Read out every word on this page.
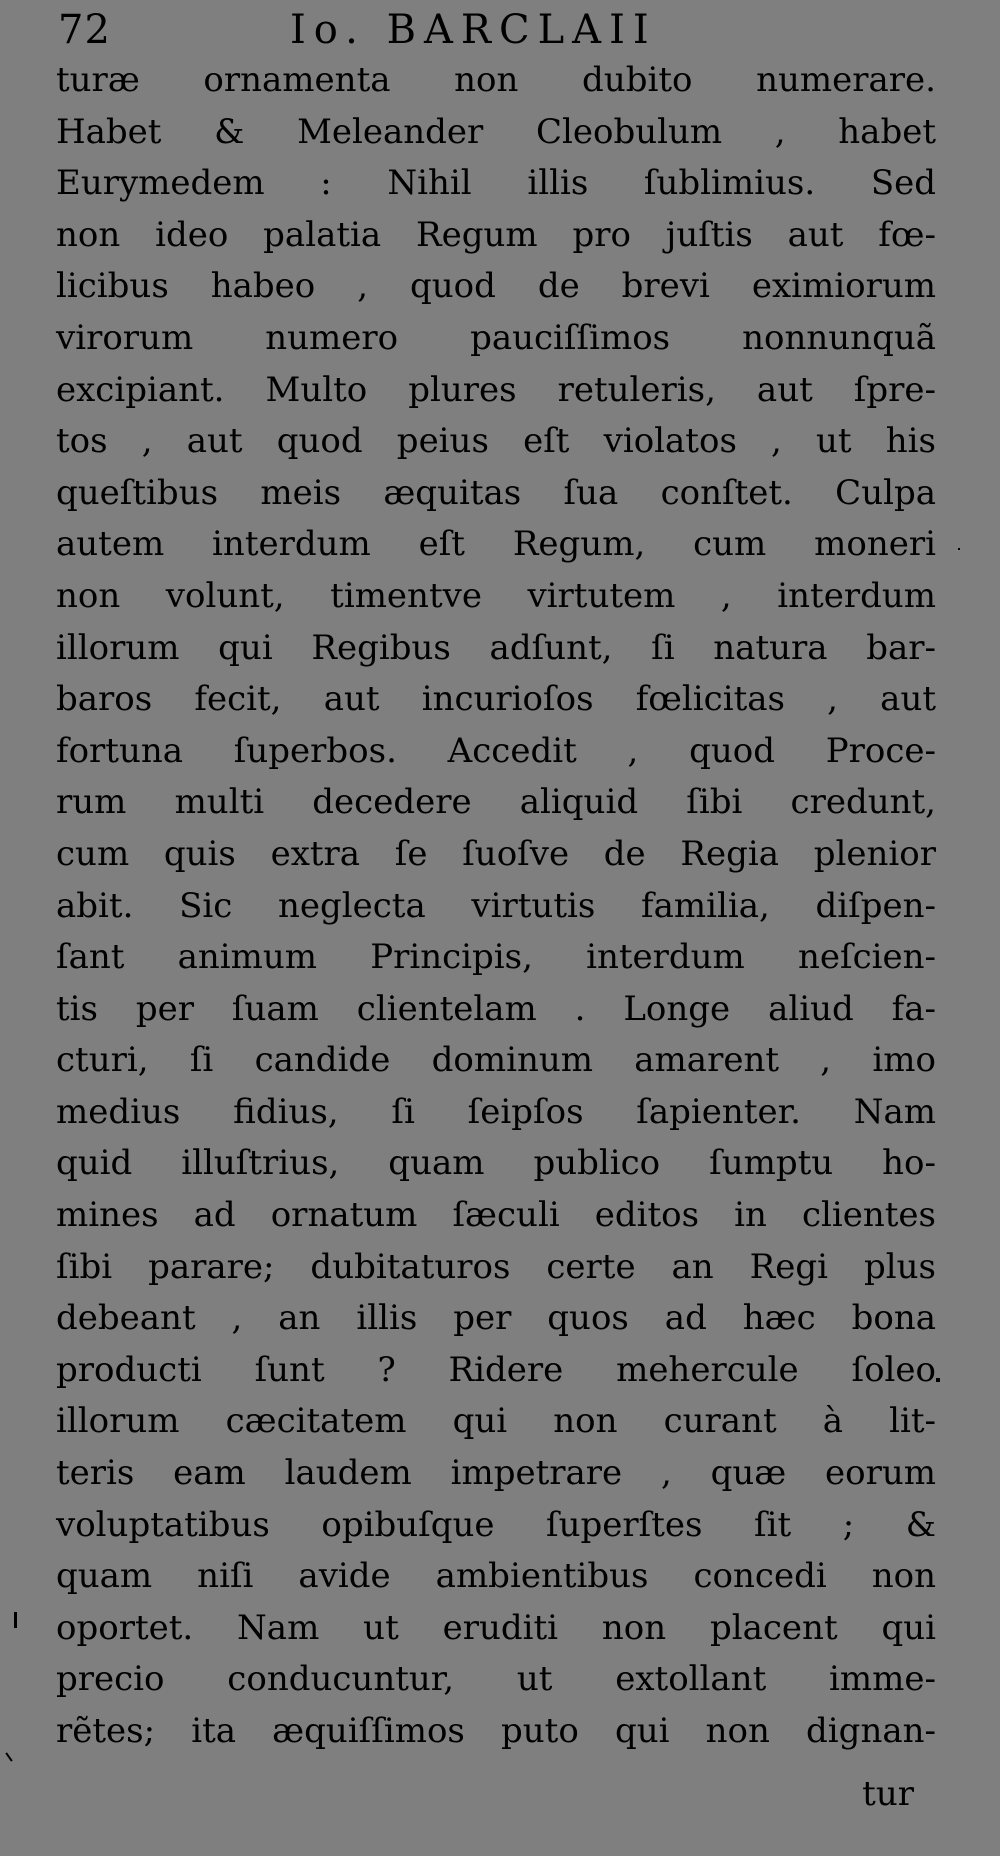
72	Io. BARCLAII
turæ ornamenta non dubito numerare.
Habet & Meleander Cleobulum , habet
Eurymedem : Nihil illis ſublimius. Sed
non ideo palatia Regum pro juſtis aut fœ-
licibus habeo , quod de brevi eximiorum
virorum numero pauciſſimos nonnunquã
excipiant. Multo plures retuleris, aut ſpre-
tos , aut quod peius eſt violatos , ut his
queſtibus meis æquitas ſua conſtet. Culpa
autem interdum eſt Regum, cum moneri
non volunt, timentve virtutem , interdum
illorum qui Regibus adſunt, ſi natura bar-
baros fecit, aut incurioſos fœlicitas , aut
fortuna ſuperbos. Accedit , quod Proce-
rum multi decedere aliquid ſibi credunt,
cum quis extra ſe ſuoſve de Regia plenior
abit. Sic neglecta virtutis familia, diſpen-
ſant animum Principis, interdum neſcien-
tis per ſuam clientelam . Longe aliud fa-
cturi, ſi candide dominum amarent , imo
medius fidius, ſi ſeipſos ſapienter. Nam
quid illuſtrius, quam publico ſumptu ho-
mines ad ornatum ſæculi editos in clientes
ſibi parare; dubitaturos certe an Regi plus
debeant , an illis per quos ad hæc bona
producti ſunt ? Ridere mehercule ſoleo
illorum cæcitatem qui non curant à lit-
teris eam laudem impetrare , quæ eorum
voluptatibus opibuſque ſuperſtes ſit ; &
quam niſi avide ambientibus concedi non
oportet. Nam ut eruditi non placent qui
precio conducuntur, ut extollant imme-
rẽtes; ita æquiſſimos puto qui non dignan-
tur
